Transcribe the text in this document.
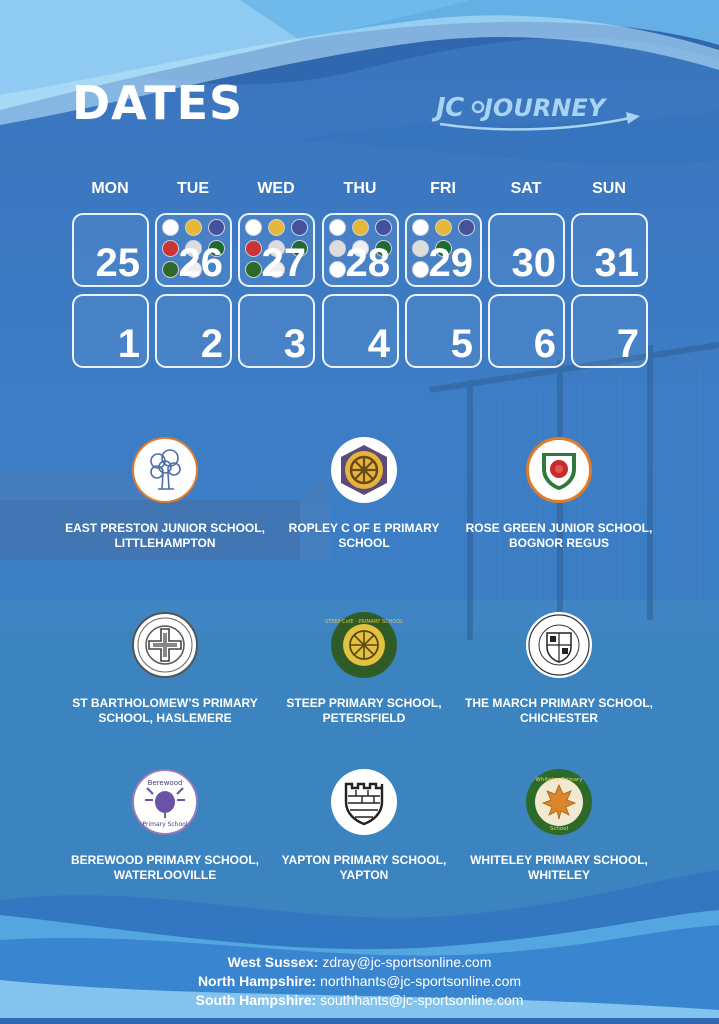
DATES	JC JOURNEY
MON	TUE	WED	THU	FRI	SAT	SUN
25 26 27 28 29 30 31
1 2 3 4 5 6 7
EAST PRESTON JUNIOR SCHOOL, LITTLEHAMPTON
ROPLEY C OF E PRIMARY SCHOOL
ROSE GREEN JUNIOR SCHOOL, BOGNOR REGUS
ST BARTHOLOMEW’S PRIMARY SCHOOL, HASLEMERE
STEEP CofE · PRIMARY SCHOOL
STEEP PRIMARY SCHOOL, PETERSFIELD
THE MARCH PRIMARY SCHOOL, CHICHESTER
Berewood
Primary School
BEREWOOD PRIMARY SCHOOL, WATERLOOVILLE
YAPTON PRIMARY SCHOOL, YAPTON
Whiteley Primary
School
WHITELEY PRIMARY SCHOOL, WHITELEY
West Sussex: zdray@jc-sportsonline.com
North Hampshire: northhants@jc-sportsonline.com
South Hampshire: southhants@jc-sportsonline.com
